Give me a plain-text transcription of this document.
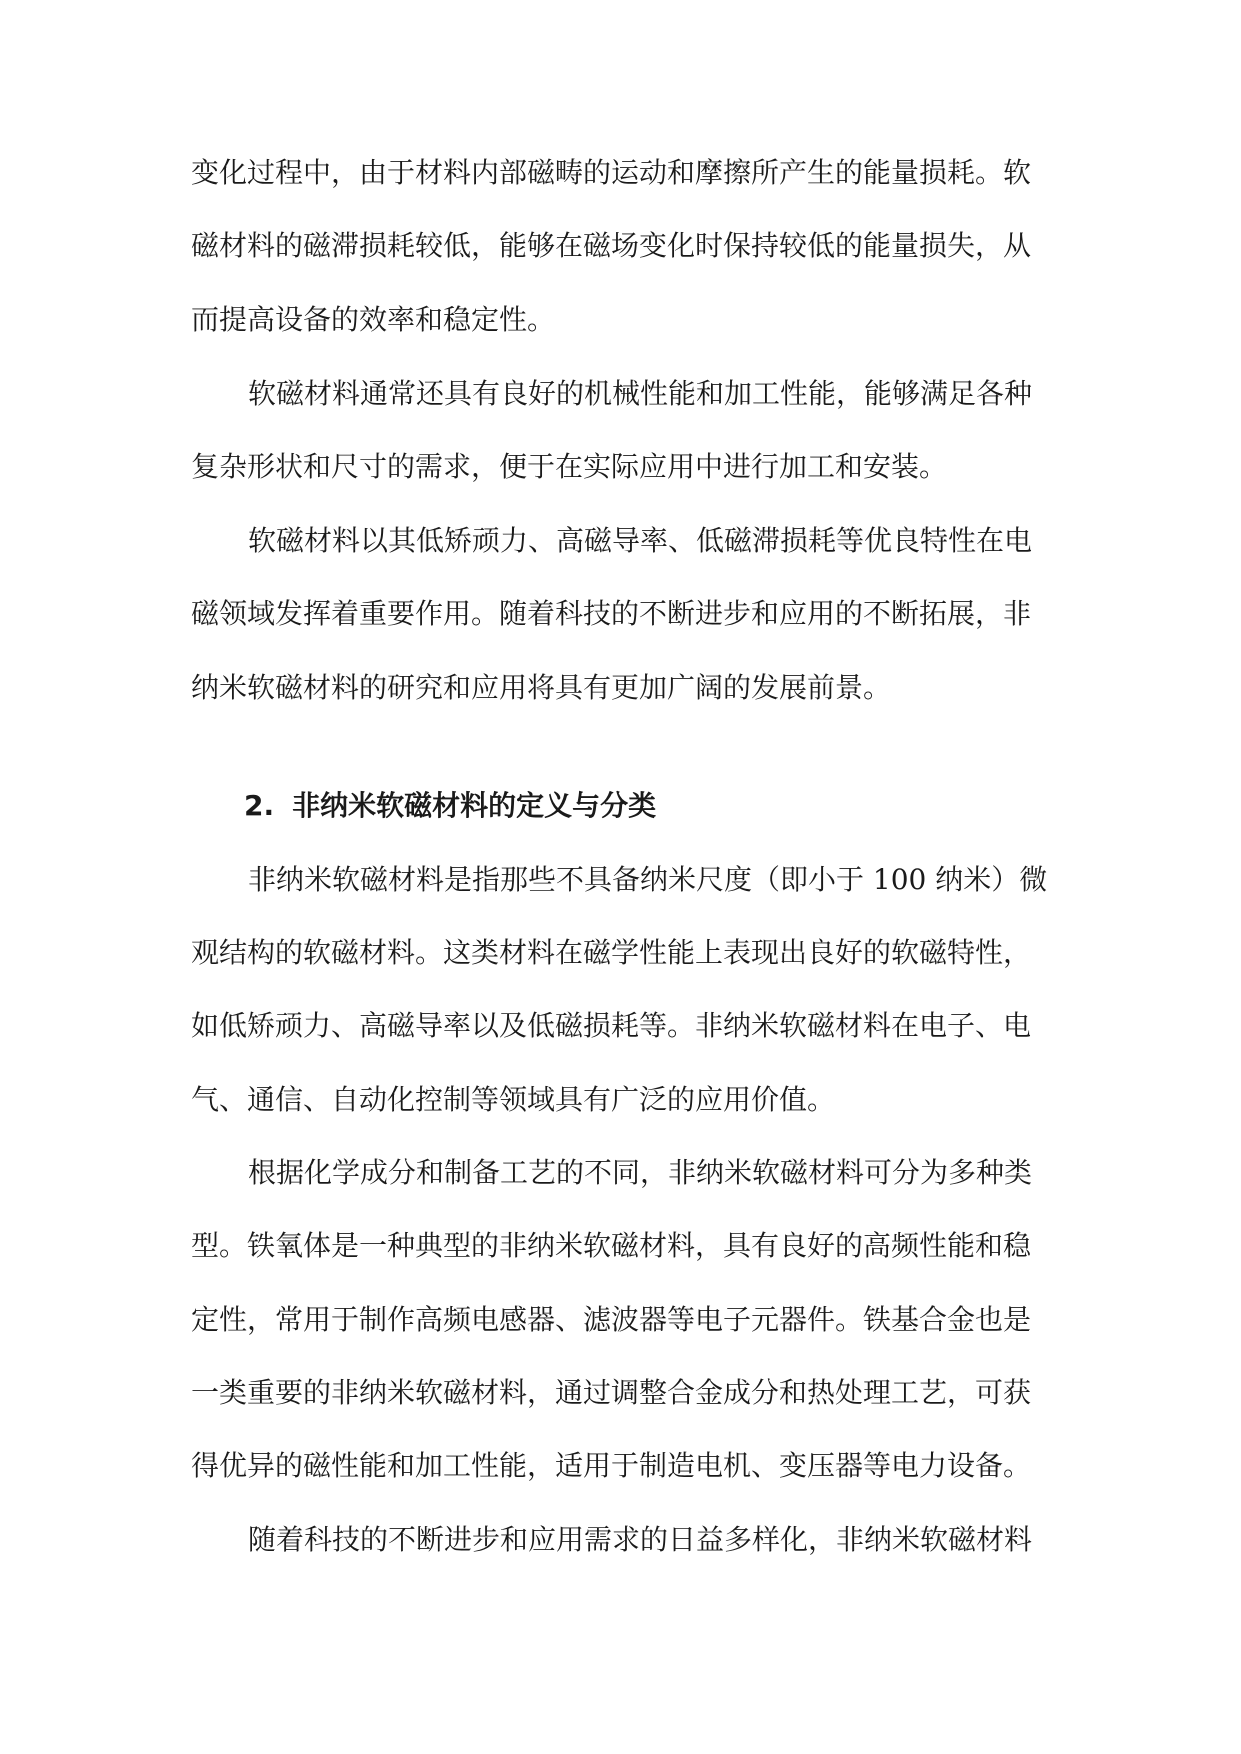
变化过程中，由于材料内部磁畴的运动和摩擦所产生的能量损耗。软
磁材料的磁滞损耗较低，能够在磁场变化时保持较低的能量损失，从
而提高设备的效率和稳定性。
软磁材料通常还具有良好的机械性能和加工性能，能够满足各种
复杂形状和尺寸的需求，便于在实际应用中进行加工和安装。
软磁材料以其低矫顽力、高磁导率、低磁滞损耗等优良特性在电
磁领域发挥着重要作用。随着科技的不断进步和应用的不断拓展，非
纳米软磁材料的研究和应用将具有更加广阔的发展前景。
2. 非纳米软磁材料的定义与分类
非纳米软磁材料是指那些不具备纳米尺度（即小于 100 纳米）微
观结构的软磁材料。这类材料在磁学性能上表现出良好的软磁特性，
如低矫顽力、高磁导率以及低磁损耗等。非纳米软磁材料在电子、电
气、通信、自动化控制等领域具有广泛的应用价值。
根据化学成分和制备工艺的不同，非纳米软磁材料可分为多种类
型。铁氧体是一种典型的非纳米软磁材料，具有良好的高频性能和稳
定性，常用于制作高频电感器、滤波器等电子元器件。铁基合金也是
一类重要的非纳米软磁材料，通过调整合金成分和热处理工艺，可获
得优异的磁性能和加工性能，适用于制造电机、变压器等电力设备。
随着科技的不断进步和应用需求的日益多样化，非纳米软磁材料
